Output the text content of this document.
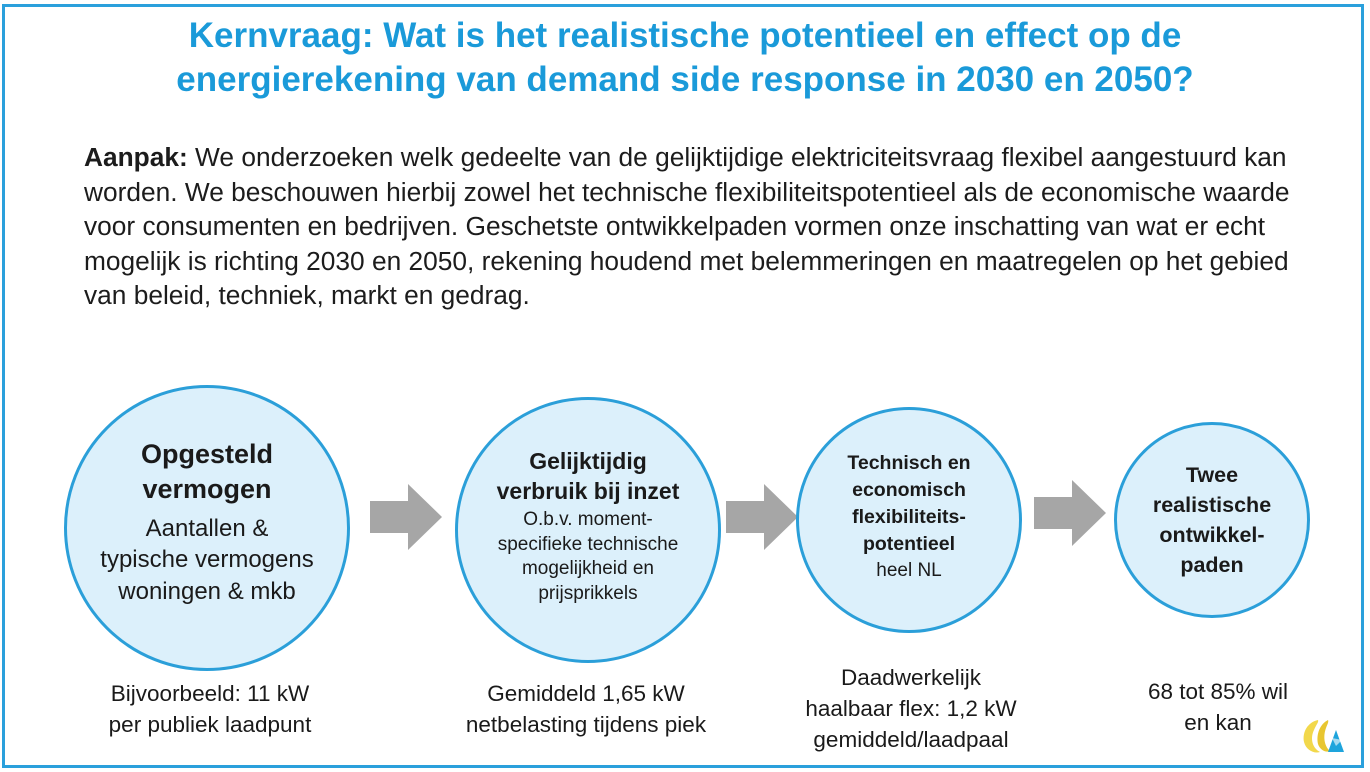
Kernvraag: Wat is het realistische potentieel en effect op de
energierekening van demand side response in 2030 en 2050?
Aanpak: We onderzoeken welk gedeelte van de gelijktijdige elektriciteitsvraag flexibel aangestuurd kan worden. We beschouwen hierbij zowel het technische flexibiliteitspotentieel als de economische waarde voor consumenten en bedrijven. Geschetste ontwikkelpaden vormen onze inschatting van wat er echt mogelijk is richting 2030 en 2050, rekening houdend met belemmeringen en maatregelen op het gebied van beleid, techniek, markt en gedrag.
Opgesteld
vermogen
Aantallen &
typische vermogens
woningen & mkb
Gelijktijdig
verbruik bij inzet
O.b.v. moment-
specifieke technische
mogelijkheid en
prijsprikkels
Technisch en
economisch
flexibiliteits-
potentieel
heel NL
Twee
realistische
ontwikkel-
paden
Bijvoorbeeld: 11 kW
per publiek laadpunt
Gemiddeld 1,65 kW
netbelasting tijdens piek
Daadwerkelijk
haalbaar flex: 1,2 kW
gemiddeld/laadpaal
68 tot 85% wil
en kan
